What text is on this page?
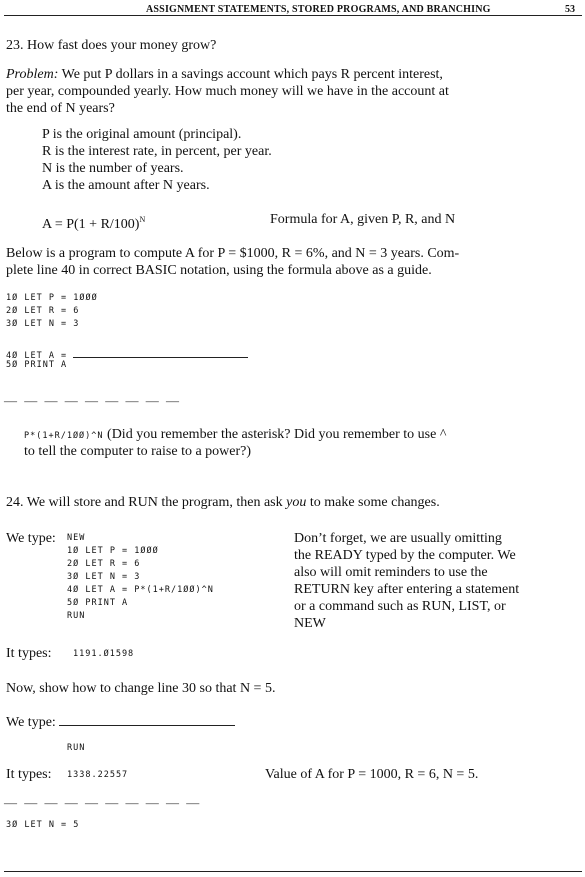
ASSIGNMENT STATEMENTS, STORED PROGRAMS, AND BRANCHING	53
23. How fast does your money grow?
Problem: We put P dollars in a savings account which pays R percent interest,
per year, compounded yearly. How much money will we have in the account at
the end of N years?
P is the original amount (principal).
R is the interest rate, in percent, per year.
N is the number of years.
A is the amount after N years.
$A = P(1 + R/100)^N$	Formula for A, given P, R, and N
Below is a program to compute A for P = $1000, R = 6%, and N = 3 years. Com-
plete line 40 in correct BASIC notation, using the formula above as a guide.
1Ø LET P = 1ØØØ
2Ø LET R = 6
3Ø LET N = 3
4Ø LET A =
5Ø PRINT A
— — — — — — — — —
P*(1+R/1ØØ)^N (Did you remember the asterisk? Did you remember to use ^
to tell the computer to raise to a power?)
24. We will store and RUN the program, then ask you to make some changes.
We type: NEW
1Ø LET P = 1ØØØ
2Ø LET R = 6
3Ø LET N = 3
4Ø LET A = P*(1+R/1ØØ)^N
5Ø PRINT A
RUN
Don’t forget, we are usually omitting
the READY typed by the computer. We
also will omit reminders to use the
RETURN key after entering a statement
or a command such as RUN, LIST, or
NEW
It types:	1191.Ø1598
Now, show how to change line 30 so that N = 5.
We type:
RUN
It types: 1338.22557	Value of A for P = 1000, R = 6, N = 5.
— — — — — — — — — —
3Ø LET N = 5
